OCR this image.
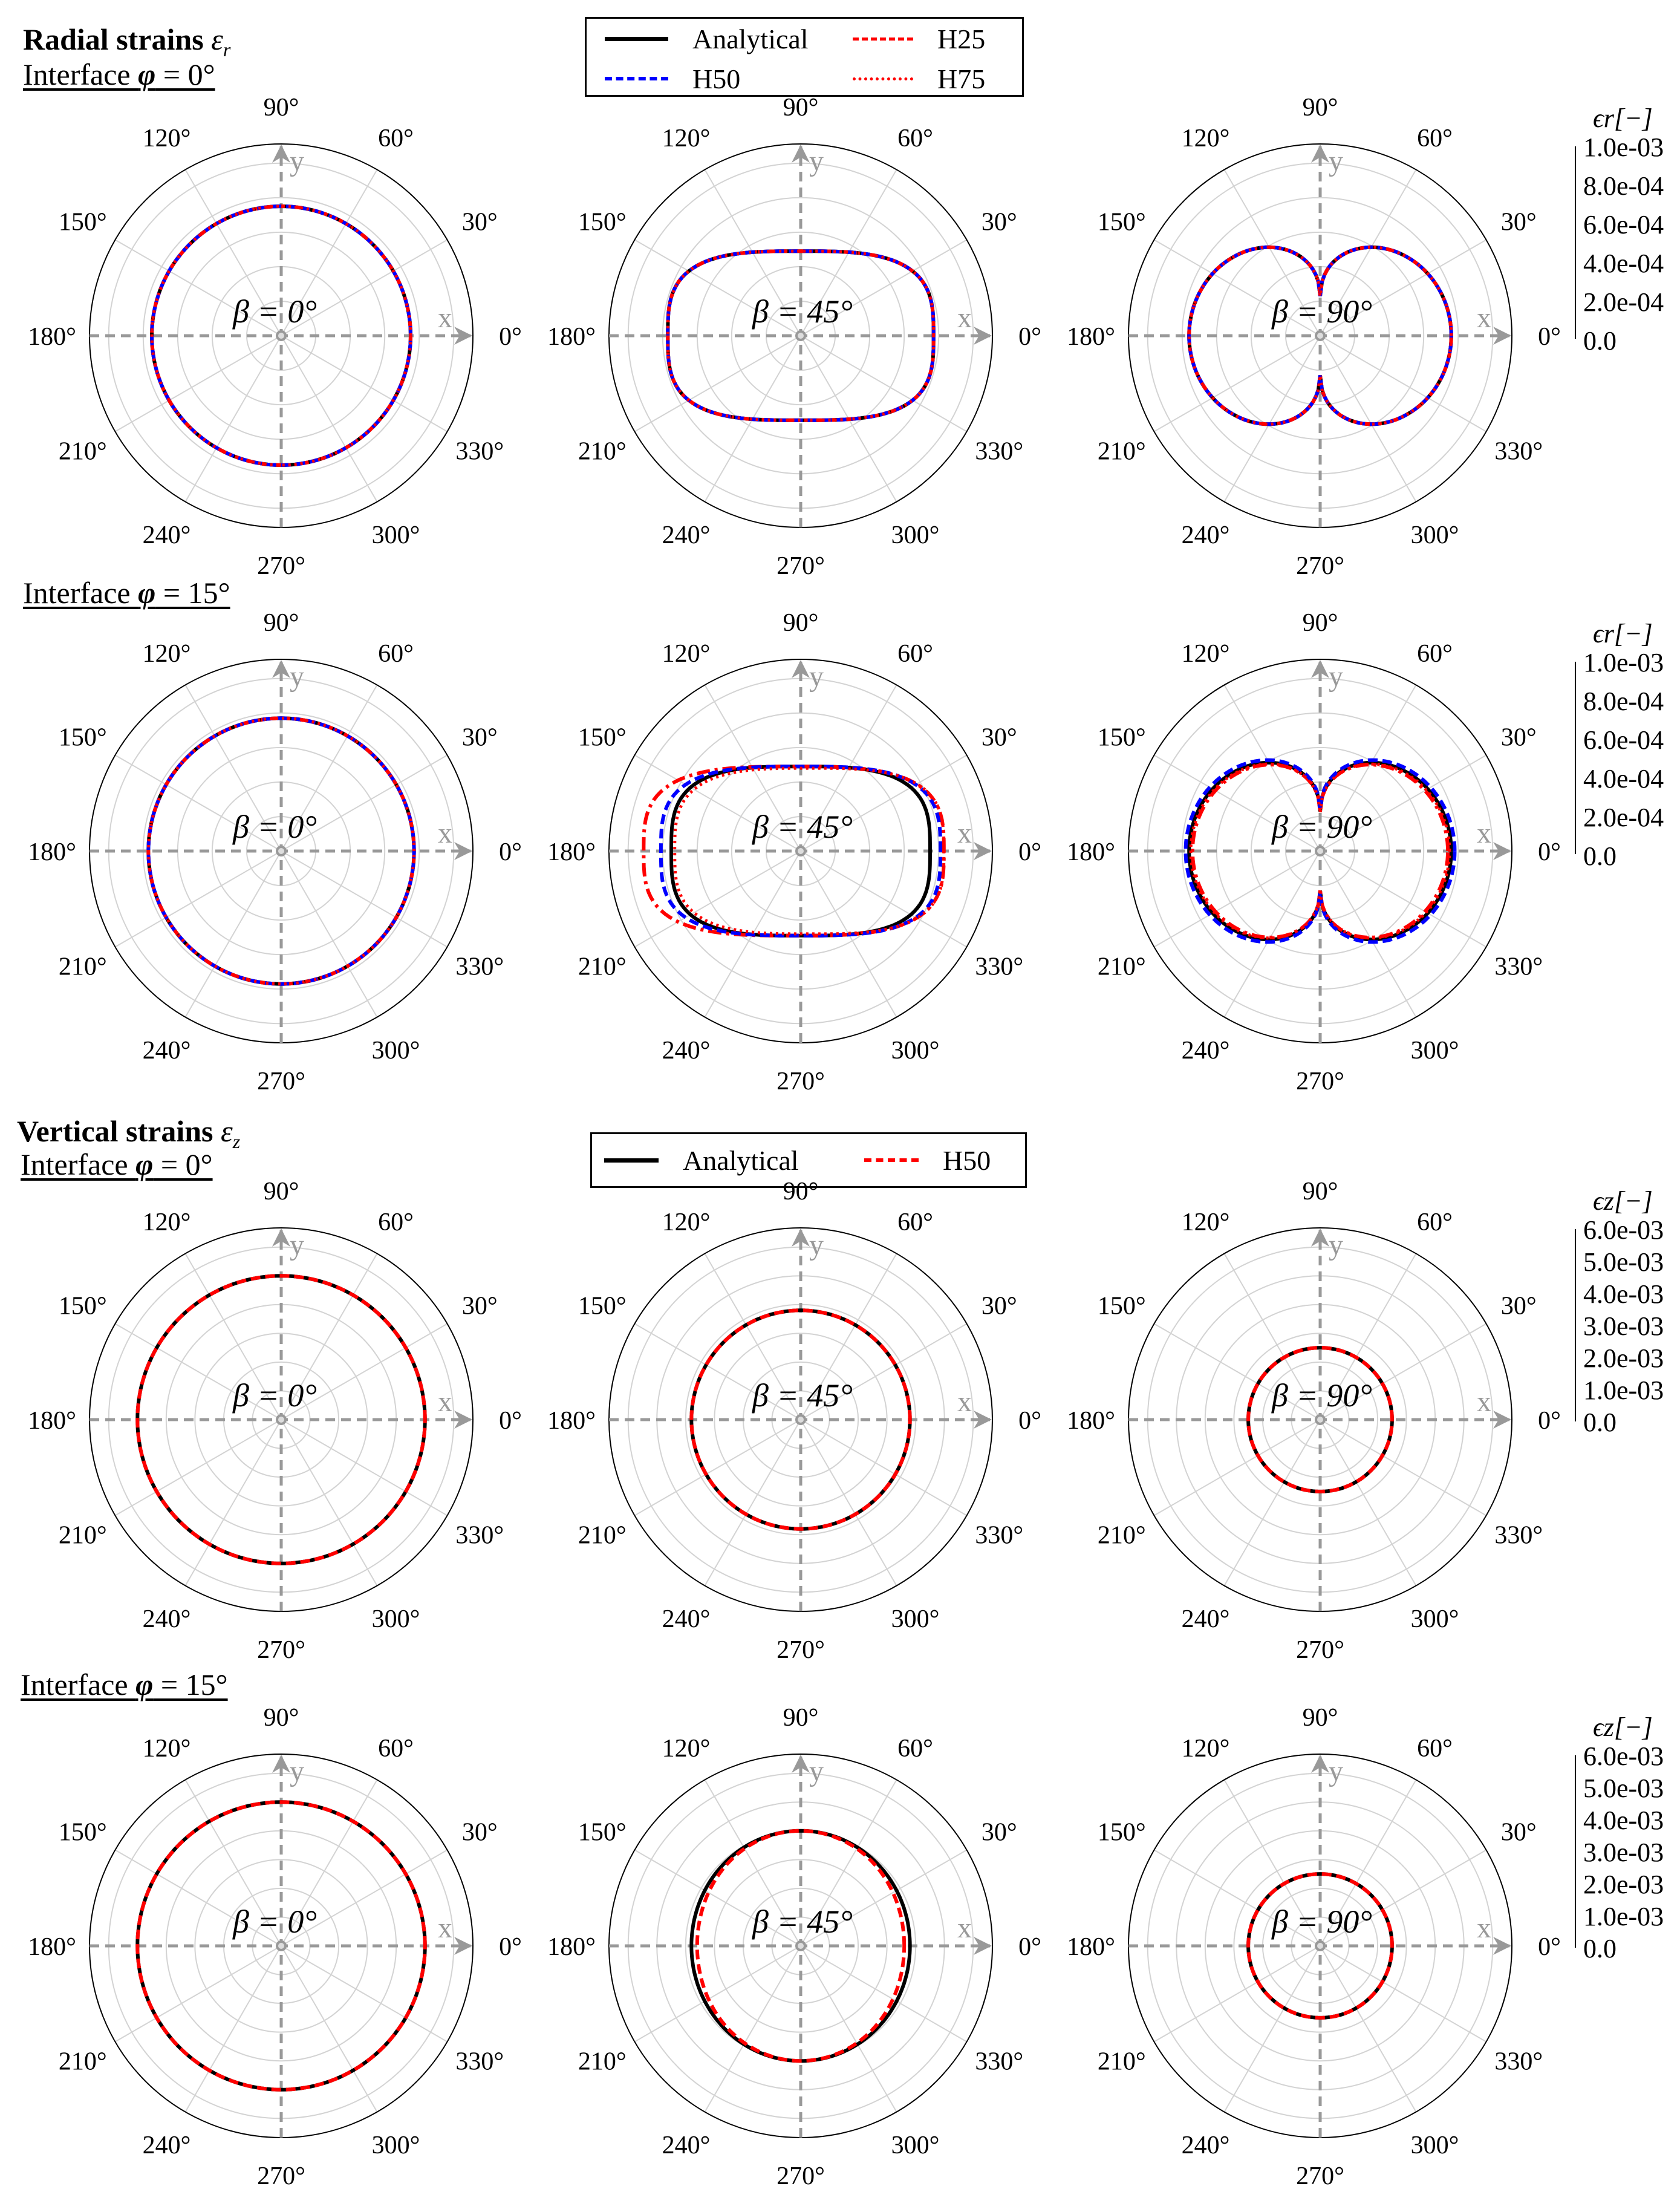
Radial strains $\varepsilon_r$
Interface φ = 0°
Interface φ = 15°
Vertical strains $\varepsilon_z$
Interface φ = 0°
Interface φ = 15°
Analytical	H25
H50	H75
Analytical	H50
ϵr[−]
1.0e-03
8.0e-04
6.0e-04
4.0e-04
2.0e-04
0.0
ϵr[−]
1.0e-03
8.0e-04
6.0e-04
4.0e-04
2.0e-04
0.0
ϵz[−]
6.0e-03
5.0e-03
4.0e-03
3.0e-03
2.0e-03
1.0e-03
0.0
ϵz[−]
6.0e-03
5.0e-03
4.0e-03
3.0e-03
2.0e-03
1.0e-03
0.0
x
y
0°
30°
60°
90°
120°
150°
180°
210°
240°
270°
300°
330°
β = 0°	x
y
0°
30°
60°
90°
120°
150°
180°
210°
240°
270°
300°
330°
β = 45°	x
y
0°
30°
60°
90°
120°
150°
180°
210°
240°
270°
300°
330°
β = 90°
x
y
0°
30°
60°
90°
120°
150°
180°
210°
240°
270°
300°
330°
β = 0°	x
y
0°
30°
60°
90°
120°
150°
180°
210°
240°
270°
300°
330°
β = 45°	x
y
0°
30°
60°
90°
120°
150°
180°
210°
240°
270°
300°
330°
β = 90°
x
y
0°
30°
60°
90°
120°
150°
180°
210°
240°
270°
300°
330°
β = 0°	x
y
0°
30°
60°
90°
120°
150°
180°
210°
240°
270°
300°
330°
β = 45°	x
y
0°
30°
60°
90°
120°
150°
180°
210°
240°
270°
300°
330°
β = 90°
x
y
0°
30°
60°
90°
120°
150°
180°
210°
240°
270°
300°
330°
β = 0°	x
y
0°
30°
60°
90°
120°
150°
180°
210°
240°
270°
300°
330°
β = 45°	x
y
0°
30°
60°
90°
120°
150°
180°
210°
240°
270°
300°
330°
β = 90°
